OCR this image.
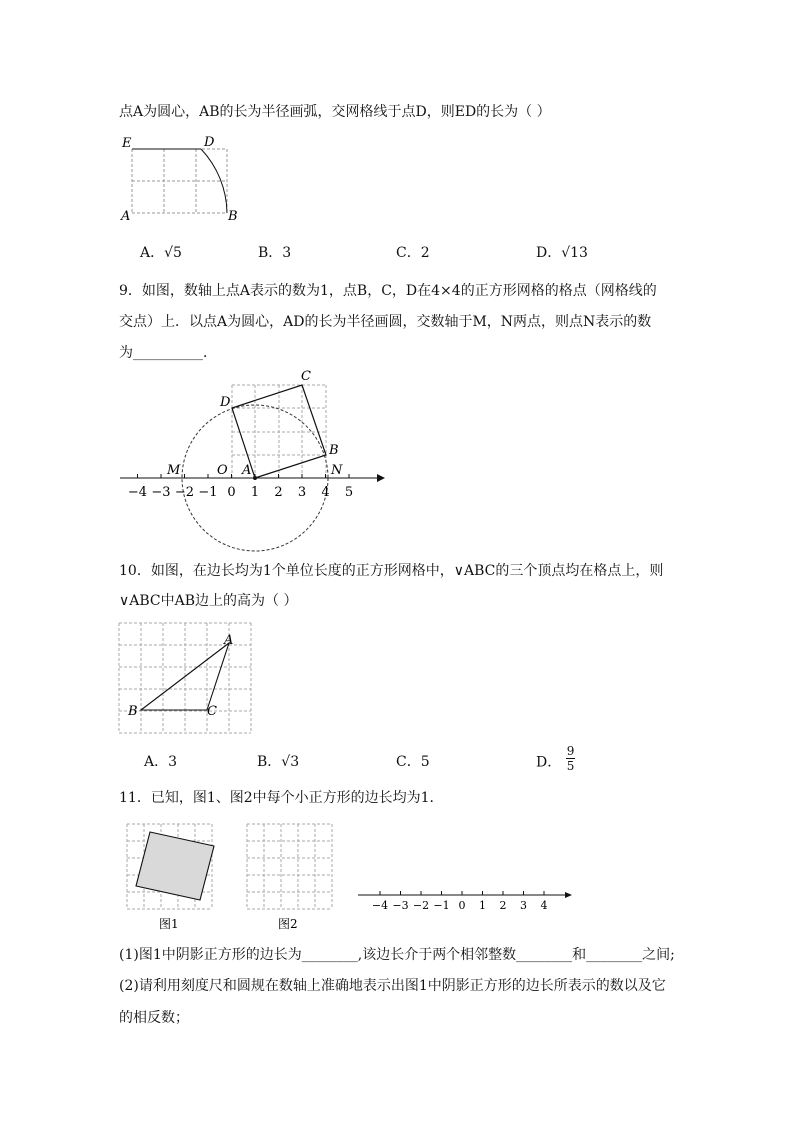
点A为圆心，AB的长为半径画弧，交网格线于点D，则ED的长为（ ）
E	D
A	B
A．√5	B．3	C．2	D．√13
9．如图，数轴上点A表示的数为1，点B，C，D在4×4的正方形网格的格点（网格线的
交点）上．以点A为圆心，AD的长为半径画圆，交数轴于M，N两点，则点N表示的数
为__________．
−4 −3 −2 −1 0 1 2 3 4 5
C
D
B
M	O A	N
10．如图，在边长均为1个单位长度的正方形网格中，∨ABC的三个顶点均在格点上，则
∨ABC中AB边上的高为（ ）
A
B	C
A．3	B．√3	C．5	D． $\frac{9}{5}$
11．已知，图1、图2中每个小正方形的边长均为1．
图1	图2
−4 −3 −2 −1 0 1 2 3 4
(1)图1中阴影正方形的边长为________,该边长介于两个相邻整数________和________之间;
(2)请利用刻度尺和圆规在数轴上准确地表示出图1中阴影正方形的边长所表示的数以及它
的相反数；
